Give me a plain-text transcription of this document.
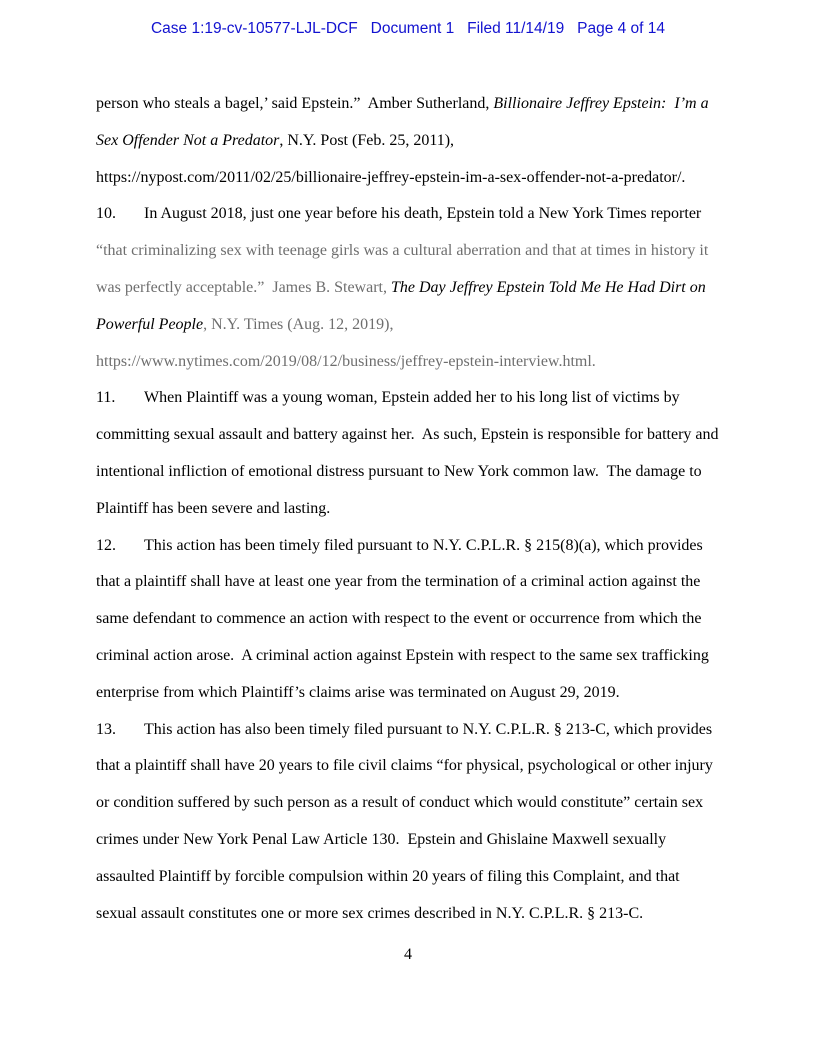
Case 1:19-cv-10577-LJL-DCF   Document 1   Filed 11/14/19   Page 4 of 14
person who steals a bagel,’ said Epstein.”  Amber Sutherland, Billionaire Jeffrey Epstein:  I’m a Sex Offender Not a Predator, N.Y. Post (Feb. 25, 2011), https://nypost.com/2011/02/25/billionaire-jeffrey-epstein-im-a-sex-offender-not-a-predator/.
10. In August 2018, just one year before his death, Epstein told a New York Times reporter “that criminalizing sex with teenage girls was a cultural aberration and that at times in history it was perfectly acceptable.”  James B. Stewart, The Day Jeffrey Epstein Told Me He Had Dirt on Powerful People, N.Y. Times (Aug. 12, 2019), https://www.nytimes.com/2019/08/12/business/jeffrey-epstein-interview.html.
11. When Plaintiff was a young woman, Epstein added her to his long list of victims by committing sexual assault and battery against her.  As such, Epstein is responsible for battery and intentional infliction of emotional distress pursuant to New York common law.  The damage to Plaintiff has been severe and lasting.
12. This action has been timely filed pursuant to N.Y. C.P.L.R. § 215(8)(a), which provides that a plaintiff shall have at least one year from the termination of a criminal action against the same defendant to commence an action with respect to the event or occurrence from which the criminal action arose.  A criminal action against Epstein with respect to the same sex trafficking enterprise from which Plaintiff’s claims arise was terminated on August 29, 2019.
13. This action has also been timely filed pursuant to N.Y. C.P.L.R. § 213-C, which provides that a plaintiff shall have 20 years to file civil claims “for physical, psychological or other injury or condition suffered by such person as a result of conduct which would constitute” certain sex crimes under New York Penal Law Article 130.  Epstein and Ghislaine Maxwell sexually assaulted Plaintiff by forcible compulsion within 20 years of filing this Complaint, and that sexual assault constitutes one or more sex crimes described in N.Y. C.P.L.R. § 213-C.
4
